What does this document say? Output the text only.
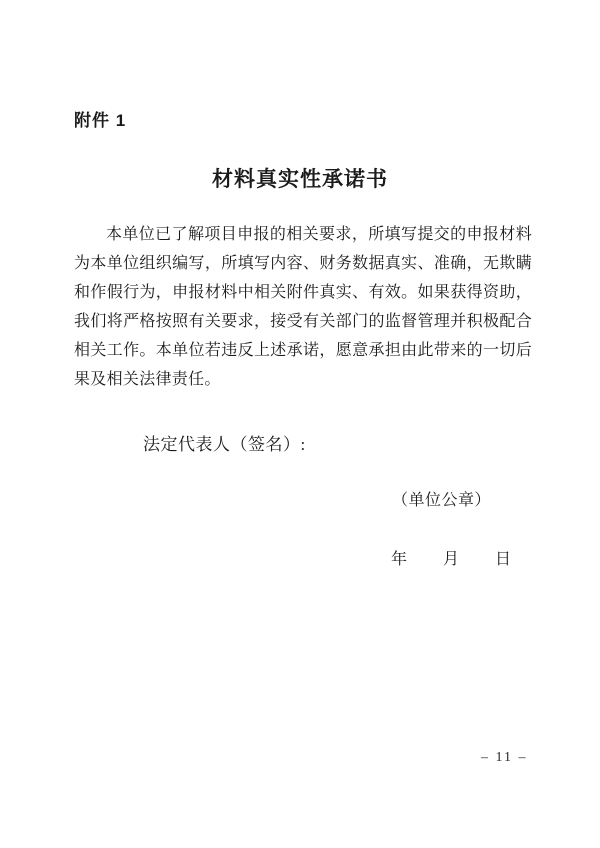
附件 1
材料真实性承诺书

本单位已了解项目申报的相关要求，所填写提交的申报材料为本单位组织编写，所填写内容、财务数据真实、准确，无欺瞒和作假行为，申报材料中相关附件真实、有效。如果获得资助，我们将严格按照有关要求，接受有关部门的监督管理并积极配合相关工作。本单位若违反上述承诺，愿意承担由此带来的一切后果及相关法律责任。

法定代表人（签名）:
（单位公章）
年 月 日
– 11 –
